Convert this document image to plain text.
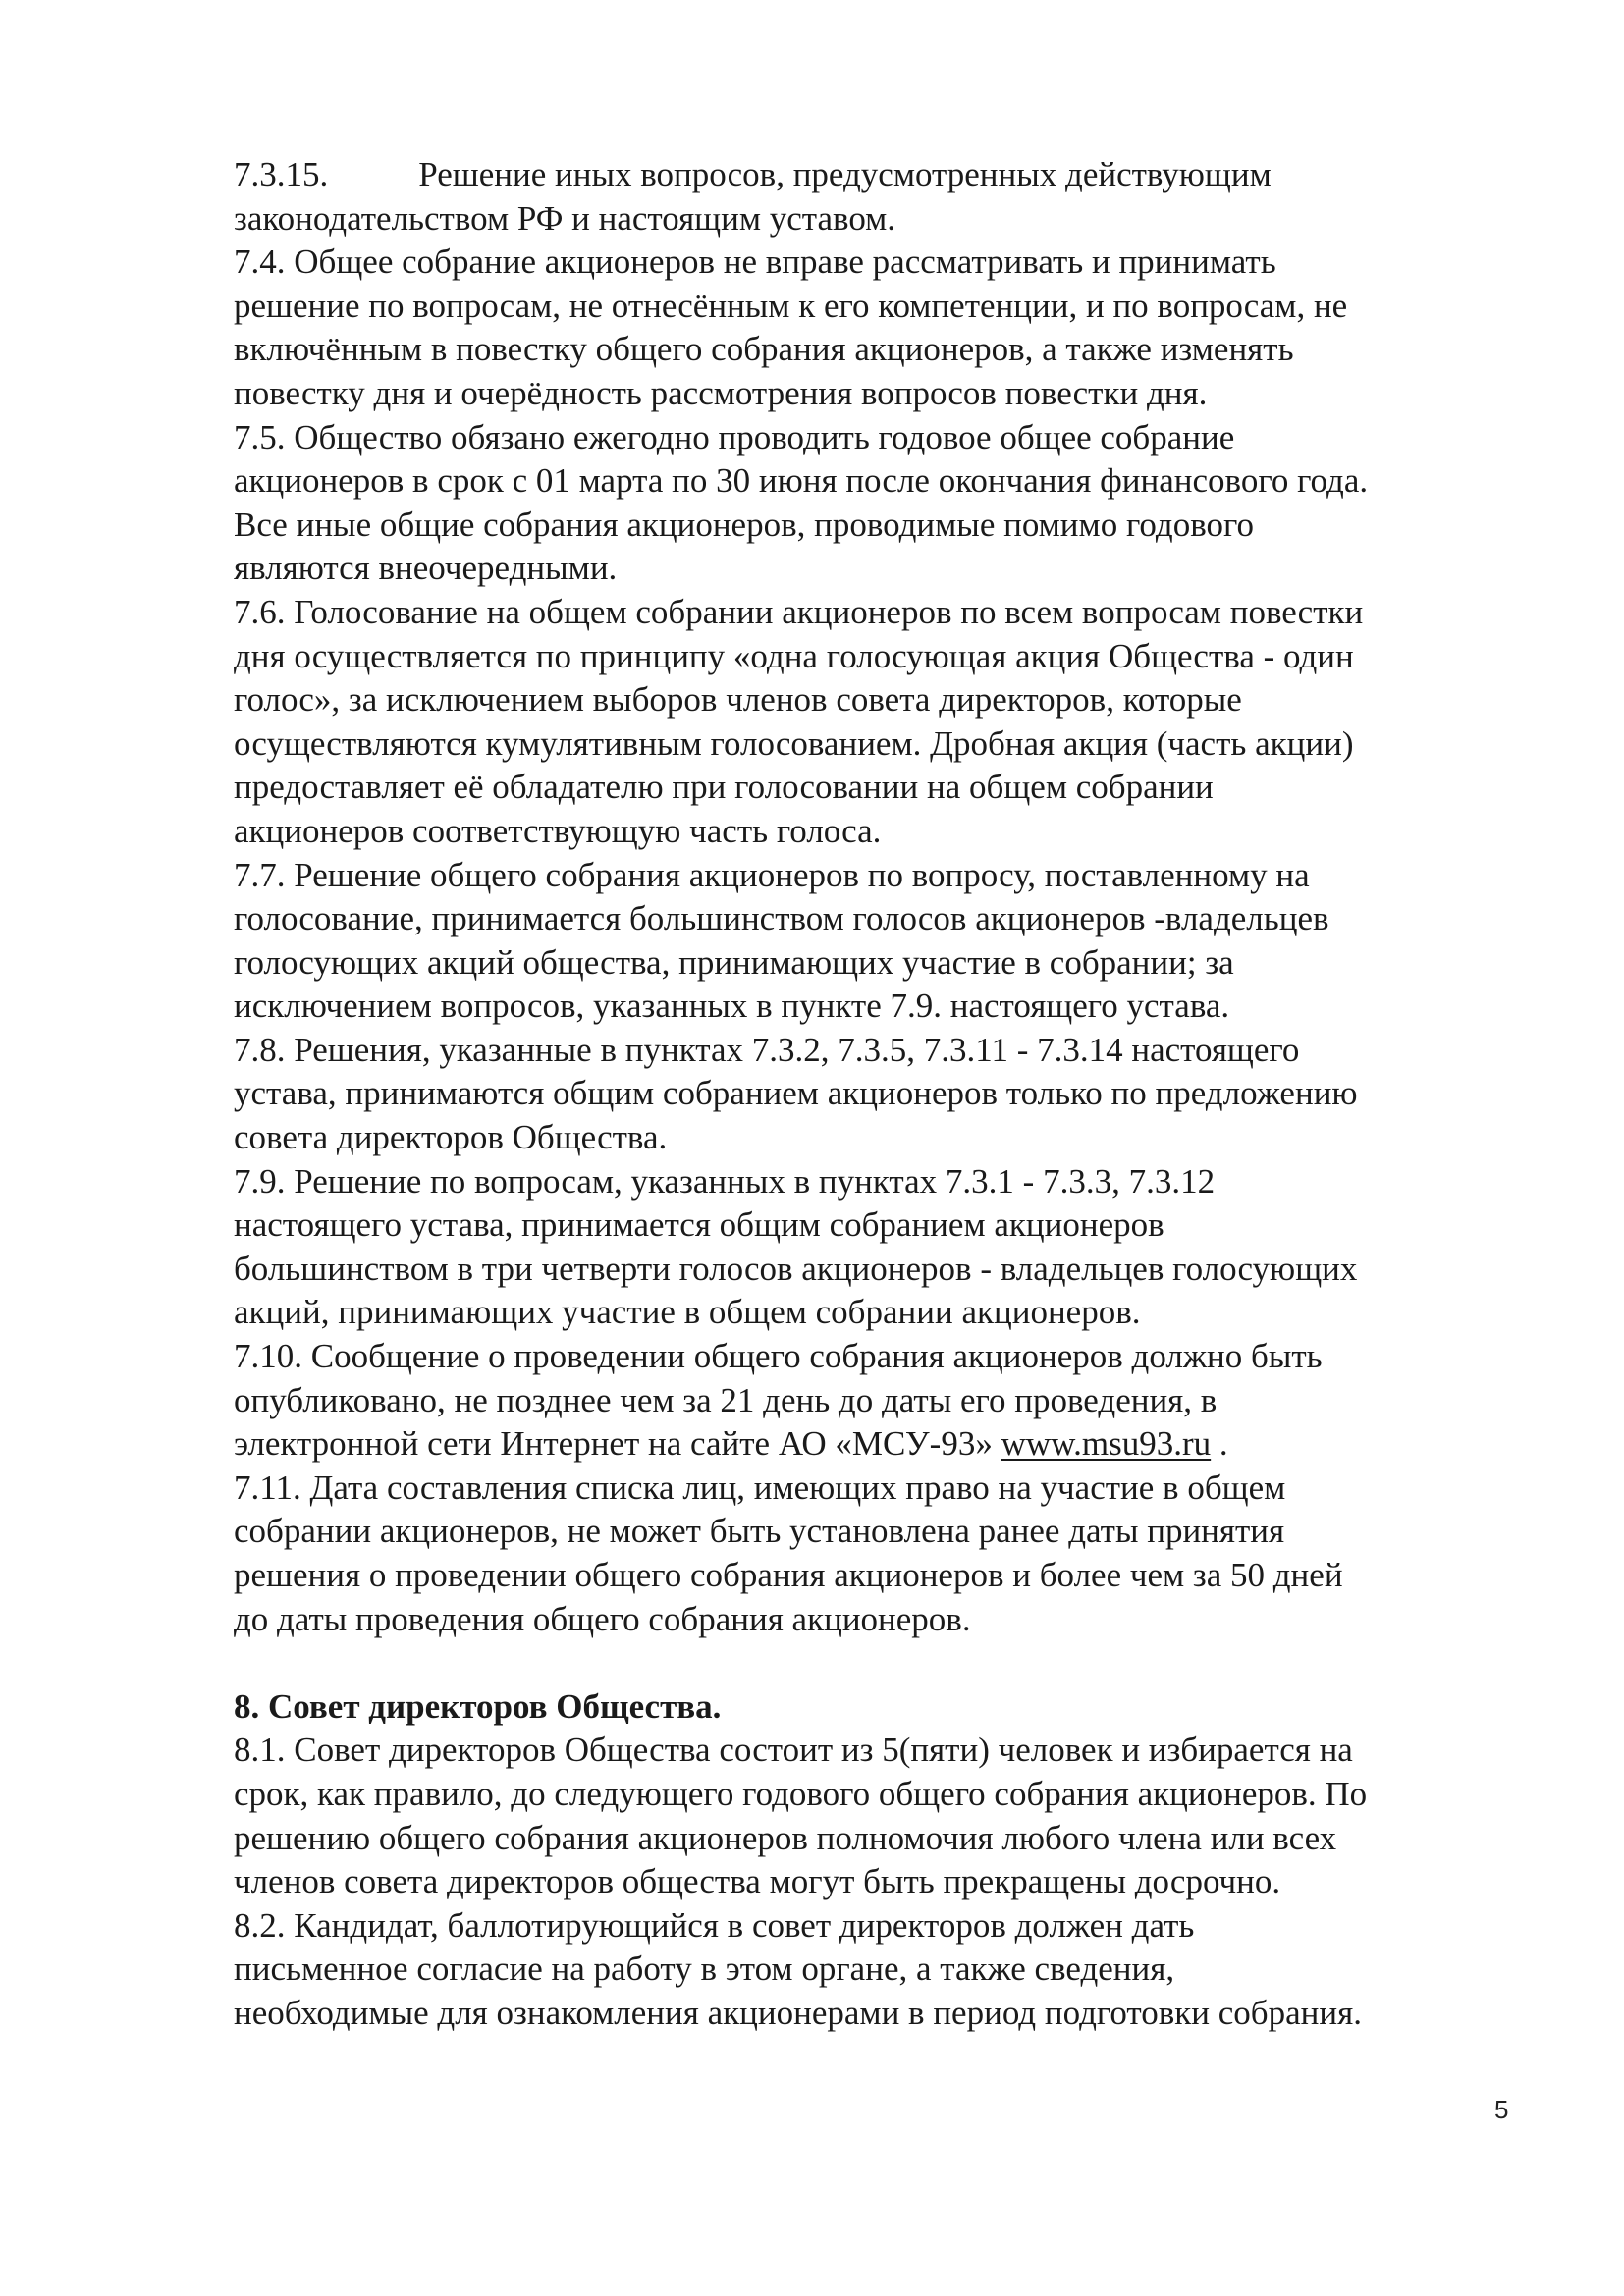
7.3.15.	Решение иных вопросов, предусмотренных действующим
законодательством РФ и настоящим уставом.
7.4. Общее собрание акционеров не вправе рассматривать и принимать
решение по вопросам, не отнесённым к его компетенции, и по вопросам, не
включённым в повестку общего собрания акционеров, а также изменять
повестку дня и очерёдность рассмотрения вопросов повестки дня.
7.5. Общество обязано ежегодно проводить годовое общее собрание
акционеров в срок с 01 марта по 30 июня после окончания финансового года.
Все иные общие собрания акционеров, проводимые помимо годового
являются внеочередными.
7.6. Голосование на общем собрании акционеров по всем вопросам повестки
дня осуществляется по принципу «одна голосующая акция Общества - один
голос», за исключением выборов членов совета директоров, которые
осуществляются кумулятивным голосованием. Дробная акция (часть акции)
предоставляет её обладателю при голосовании на общем собрании
акционеров соответствующую часть голоса.
7.7. Решение общего собрания акционеров по вопросу, поставленному на
голосование, принимается большинством голосов акционеров -владельцев
голосующих акций общества, принимающих участие в собрании; за
исключением вопросов, указанных в пункте 7.9. настоящего устава.
7.8. Решения, указанные в пунктах 7.3.2, 7.3.5, 7.3.11 - 7.3.14 настоящего
устава, принимаются общим собранием акционеров только по предложению
совета директоров Общества.
7.9. Решение по вопросам, указанных в пунктах 7.3.1 - 7.3.3, 7.3.12
настоящего устава, принимается общим собранием акционеров
большинством в три четверти голосов акционеров - владельцев голосующих
акций, принимающих участие в общем собрании акционеров.
7.10. Сообщение о проведении общего собрания акционеров должно быть
опубликовано, не позднее чем за 21 день до даты его проведения, в
электронной сети Интернет на сайте АО «МСУ-93» www.msu93.ru .
7.11. Дата составления списка лиц, имеющих право на участие в общем
собрании акционеров, не может быть установлена ранее даты принятия
решения о проведении общего собрания акционеров и более чем за 50 дней
до даты проведения общего собрания акционеров.
8. Совет директоров Общества.
8.1. Совет директоров Общества состоит из 5(пяти) человек и избирается на
срок, как правило, до следующего годового общего собрания акционеров. По
решению общего собрания акционеров полномочия любого члена или всех
членов совета директоров общества могут быть прекращены досрочно.
8.2. Кандидат, баллотирующийся в совет директоров должен дать
письменное согласие на работу в этом органе, а также сведения,
необходимые для ознакомления акционерами в период подготовки собрания.
5
